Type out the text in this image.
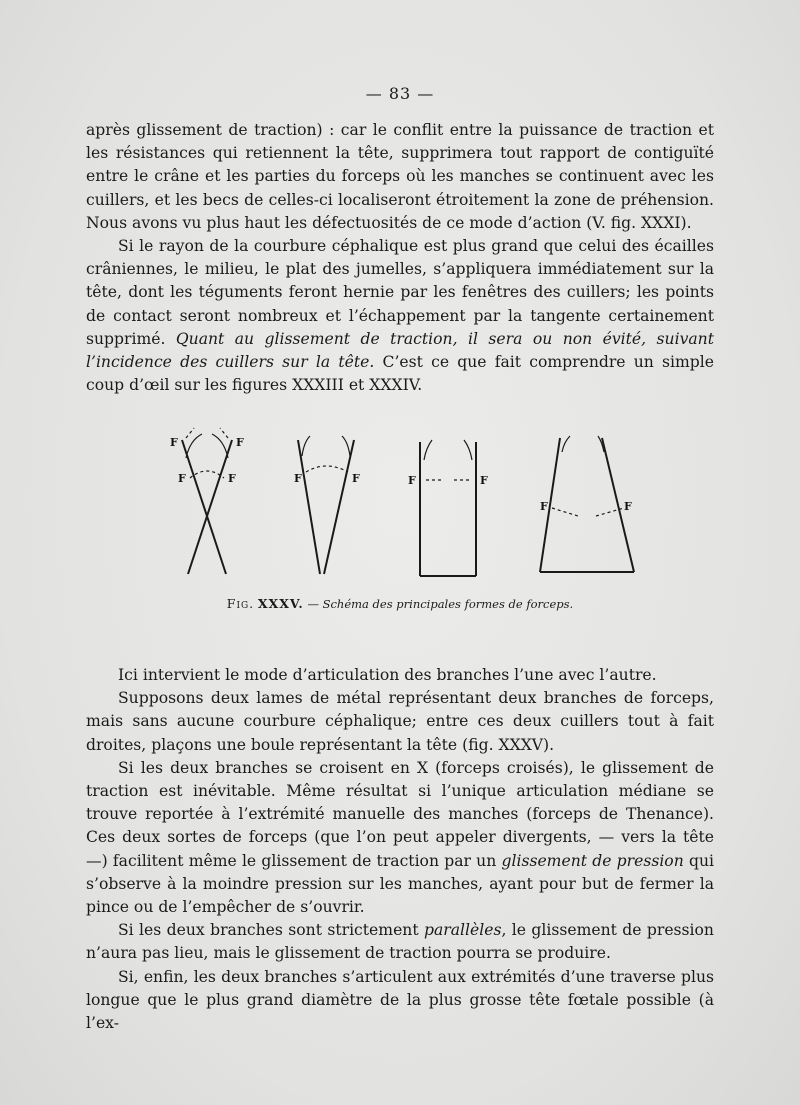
— 83 —

après glissement de traction) : car le conflit entre la puissance de traction et les résistances qui retiennent la tête, supprimera tout rapport de contiguïté entre le crâne et les parties du forceps où les manches se continuent avec les cuillers, et les becs de celles-ci localiseront étroitement la zone de préhension. Nous avons vu plus haut les défectuosités de ce mode d’action (V. fig. XXXI).

Si le rayon de la courbure céphalique est plus grand que celui des écailles crâniennes, le milieu, le plat des jumelles, s’appliquera immédiatement sur la tête, dont les téguments feront hernie par les fenêtres des cuillers; les points de contact seront nombreux et l’échappement par la tangente certainement supprimé. Quant au glissement de traction, il sera ou non évité, suivant l’incidence des cuillers sur la tête. C’est ce que fait comprendre un simple coup d’œil sur les figures XXXIII et XXXIV.

F	F
F	F	F	F	F	F
F	F
Fig. XXXV. — Schéma des principales formes de forceps.

Ici intervient le mode d’articulation des branches l’une avec l’autre.

Supposons deux lames de métal représentant deux branches de forceps, mais sans aucune courbure céphalique; entre ces deux cuillers tout à fait droites, plaçons une boule représentant la tête (fig. XXXV).

Si les deux branches se croisent en X (forceps croisés), le glissement de traction est inévitable. Même résultat si l’unique articulation médiane se trouve reportée à l’extrémité manuelle des manches (forceps de Thenance). Ces deux sortes de forceps (que l’on peut appeler divergents, — vers la tête —) facilitent même le glissement de traction par un glissement de pression qui s’observe à la moindre pression sur les manches, ayant pour but de fermer la pince ou de l’empêcher de s’ouvrir.

Si les deux branches sont strictement parallèles, le glissement de pression n’aura pas lieu, mais le glissement de traction pourra se produire.

Si, enfin, les deux branches s’articulent aux extrémités d’une traverse plus longue que le plus grand diamètre de la plus grosse tête fœtale possible (à l’ex-
